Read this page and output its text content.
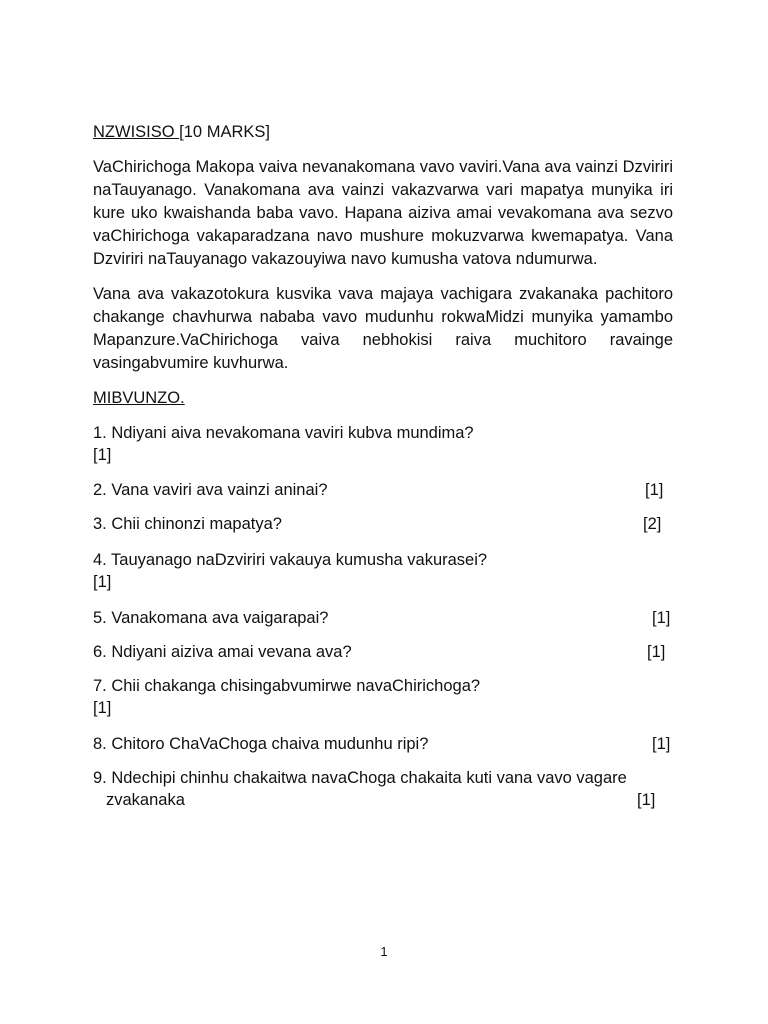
NZWISISO [10 MARKS]

VaChirichoga Makopa vaiva nevanakomana vavo vaviri.Vana ava vainzi Dzviriri naTauyanago. Vanakomana ava vainzi vakazvarwa vari mapatya munyika iri kure uko kwaishanda baba vavo. Hapana aiziva amai vevakomana ava sezvo vaChirichoga vakaparadzana navo mushure mokuzvarwa kwemapatya. Vana Dzviriri naTauyanago vakazouyiwa navo kumusha vatova ndumurwa.

Vana ava vakazotokura kusvika vava majaya vachigara zvakanaka pachitoro chakange chavhurwa nababa vavo mudunhu rokwaMidzi munyika yamambo Mapanzure.VaChirichoga vaiva nebhokisi raiva muchitoro ravainge vasingabvumire kuvhurwa.

MIBVUNZO.

1. Ndiyani aiva nevakomana vaviri kubva mundima?
[1]
2. Vana vaviri ava vainzi aninai?	[1]
3. Chii chinonzi mapatya?	[2]
4. Tauyanago naDzviriri vakauya kumusha vakurasei?
[1]
5. Vanakomana ava vaigarapai?	[1]
6. Ndiyani aiziva amai vevana ava?	[1]
7. Chii chakanga chisingabvumirwe navaChirichoga?
[1]
8. Chitoro ChaVaChoga chaiva mudunhu ripi?	[1]
9. Ndechipi chinhu chakaitwa navaChoga chakaita kuti vana vavo vagare
zvakanaka	[1]
1
